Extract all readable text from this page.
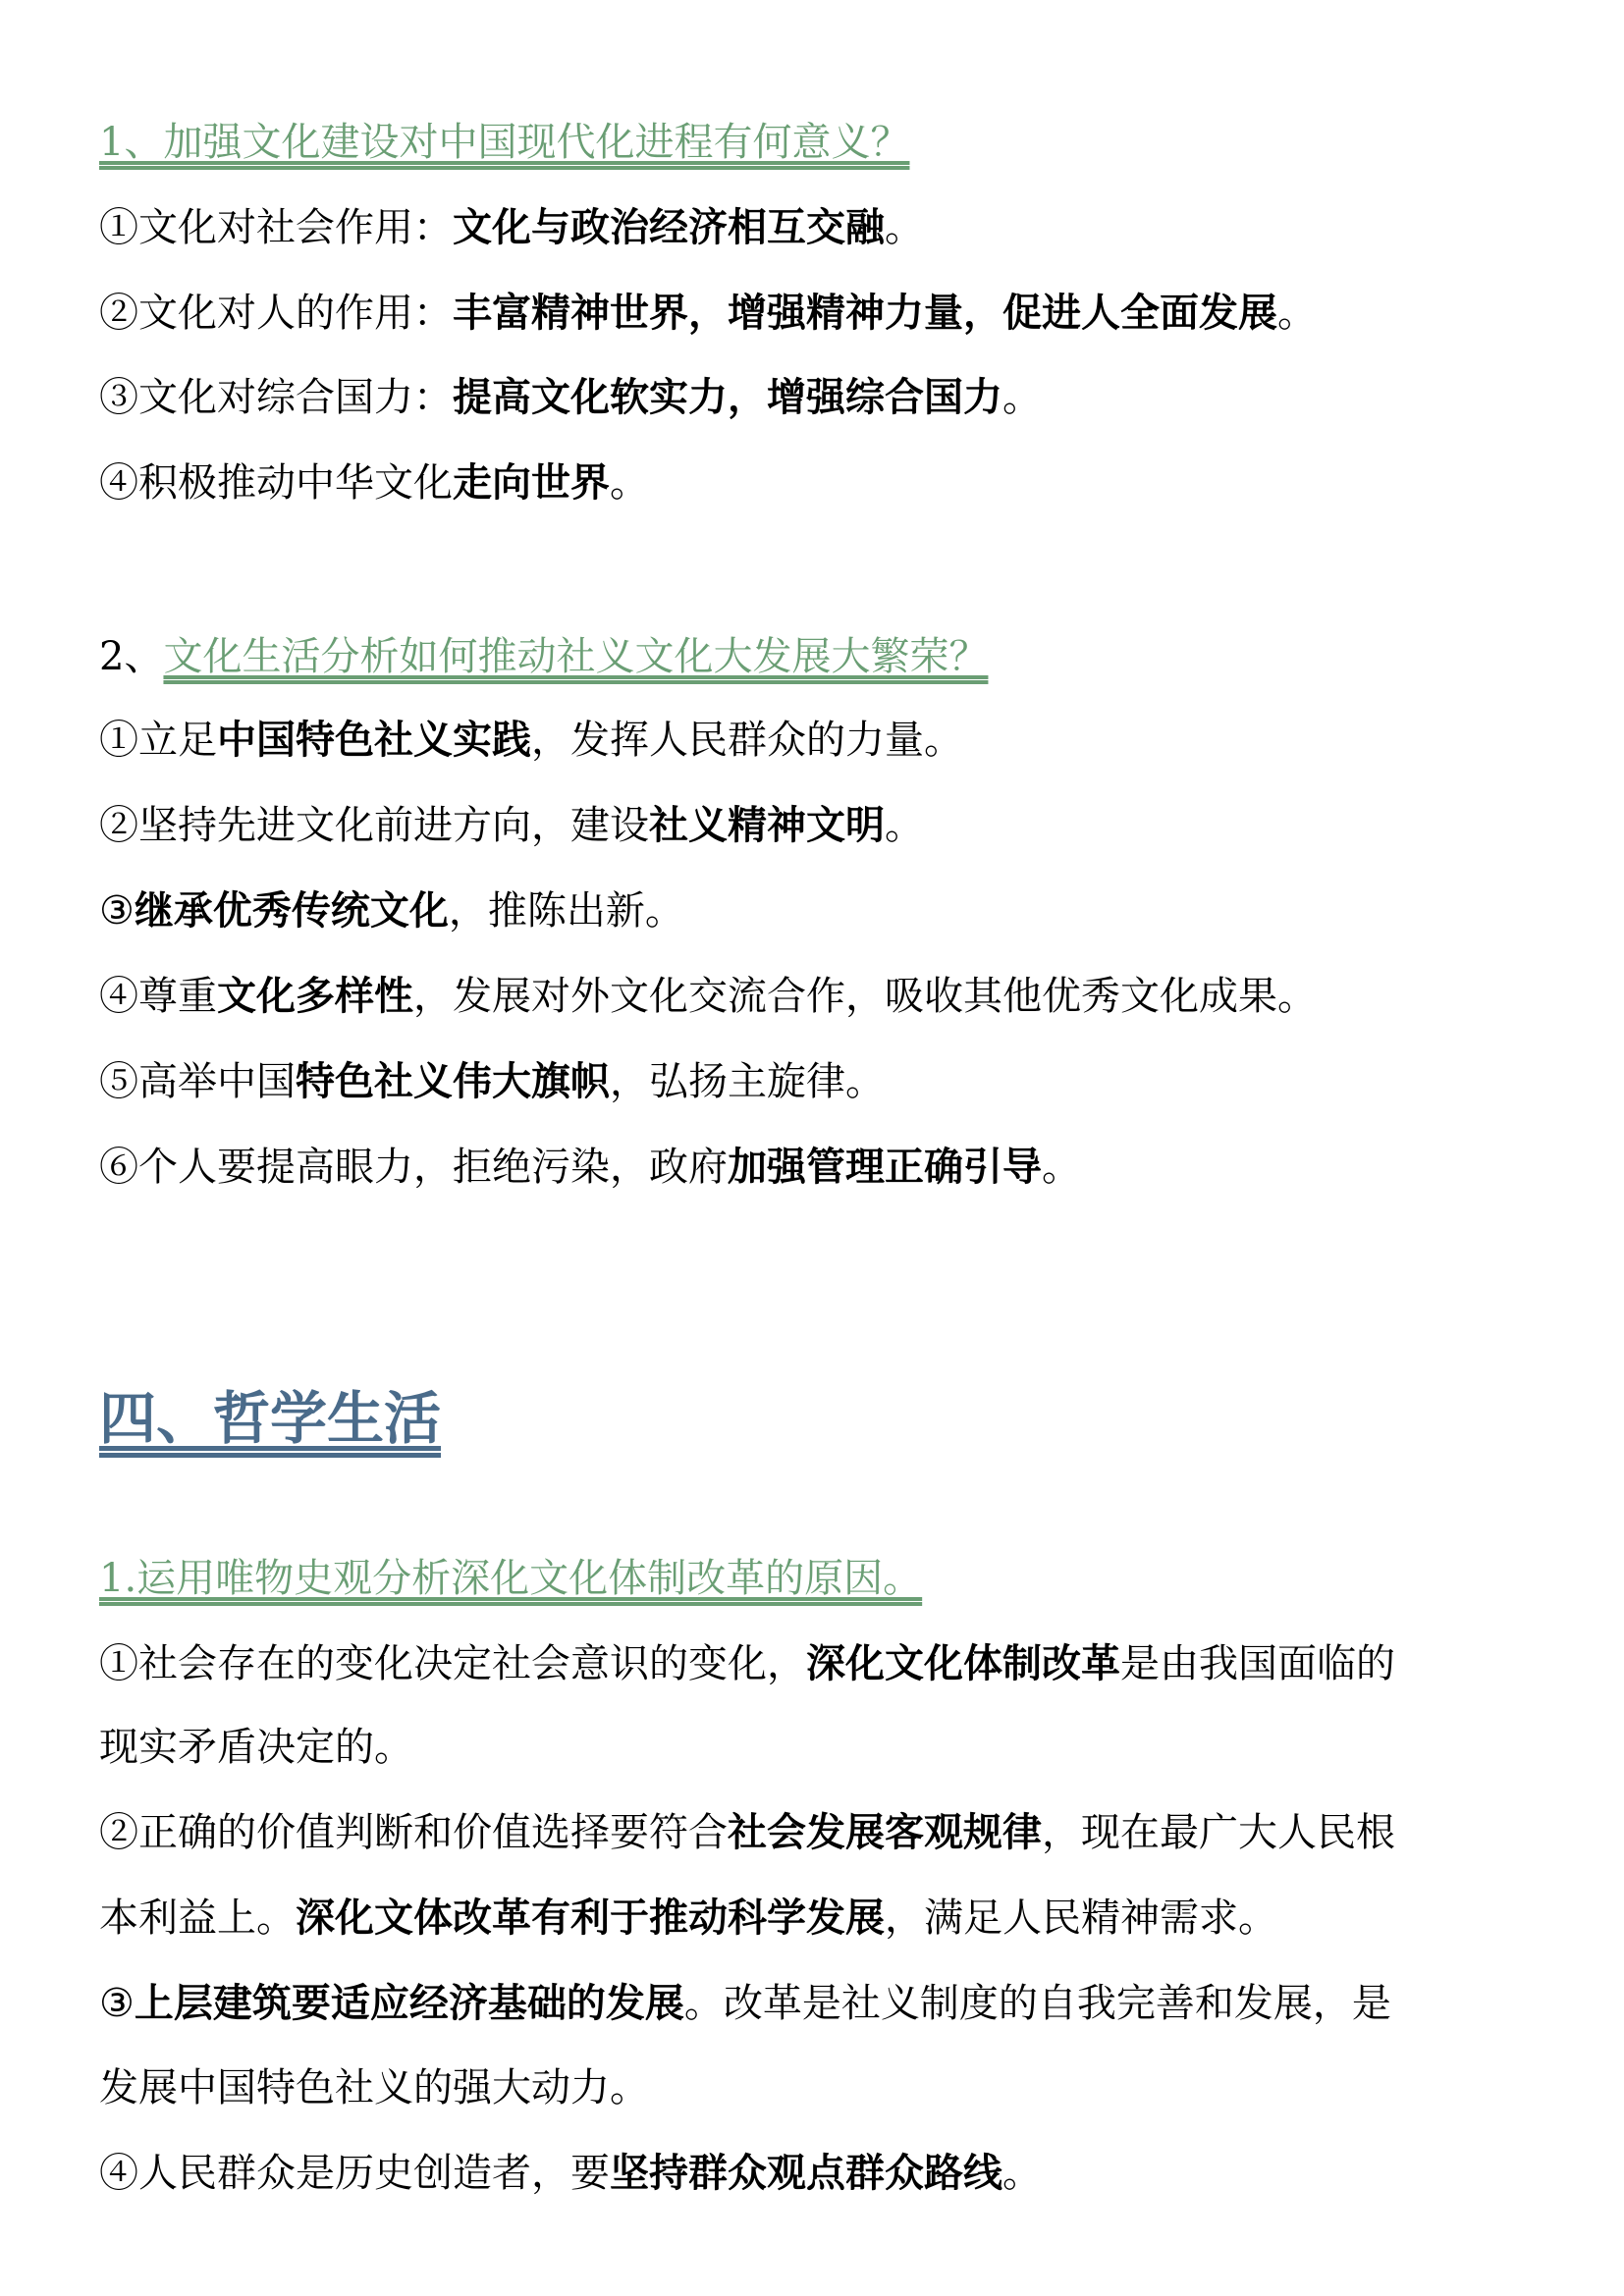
四、哲学生活
1、加强文化建设对中国现代化进程有何意义？
①文化对社会作用：文化与政治经济相互交融。
②文化对人的作用：丰富精神世界，增强精神力量，促进人全面发展。
③文化对综合国力：提高文化软实力，增强综合国力。
④积极推动中华文化走向世界。
2、文化生活分析如何推动社义文化大发展大繁荣？
①立足中国特色社义实践，发挥人民群众的力量。
②坚持先进文化前进方向，建设社义精神文明。
③继承优秀传统文化，推陈出新。
④尊重文化多样性，发展对外文化交流合作，吸收其他优秀文化成果。
⑤高举中国特色社义伟大旗帜，弘扬主旋律。
⑥个人要提高眼力，拒绝污染，政府加强管理正确引导。
1.运用唯物史观分析深化文化体制改革的原因。
①社会存在的变化决定社会意识的变化，深化文化体制改革是由我国面临的
现实矛盾决定的。
②正确的价值判断和价值选择要符合社会发展客观规律，现在最广大人民根
本利益上。深化文体改革有利于推动科学发展，满足人民精神需求。
③上层建筑要适应经济基础的发展。改革是社义制度的自我完善和发展，是
发展中国特色社义的强大动力。
④人民群众是历史创造者，要坚持群众观点群众路线。
